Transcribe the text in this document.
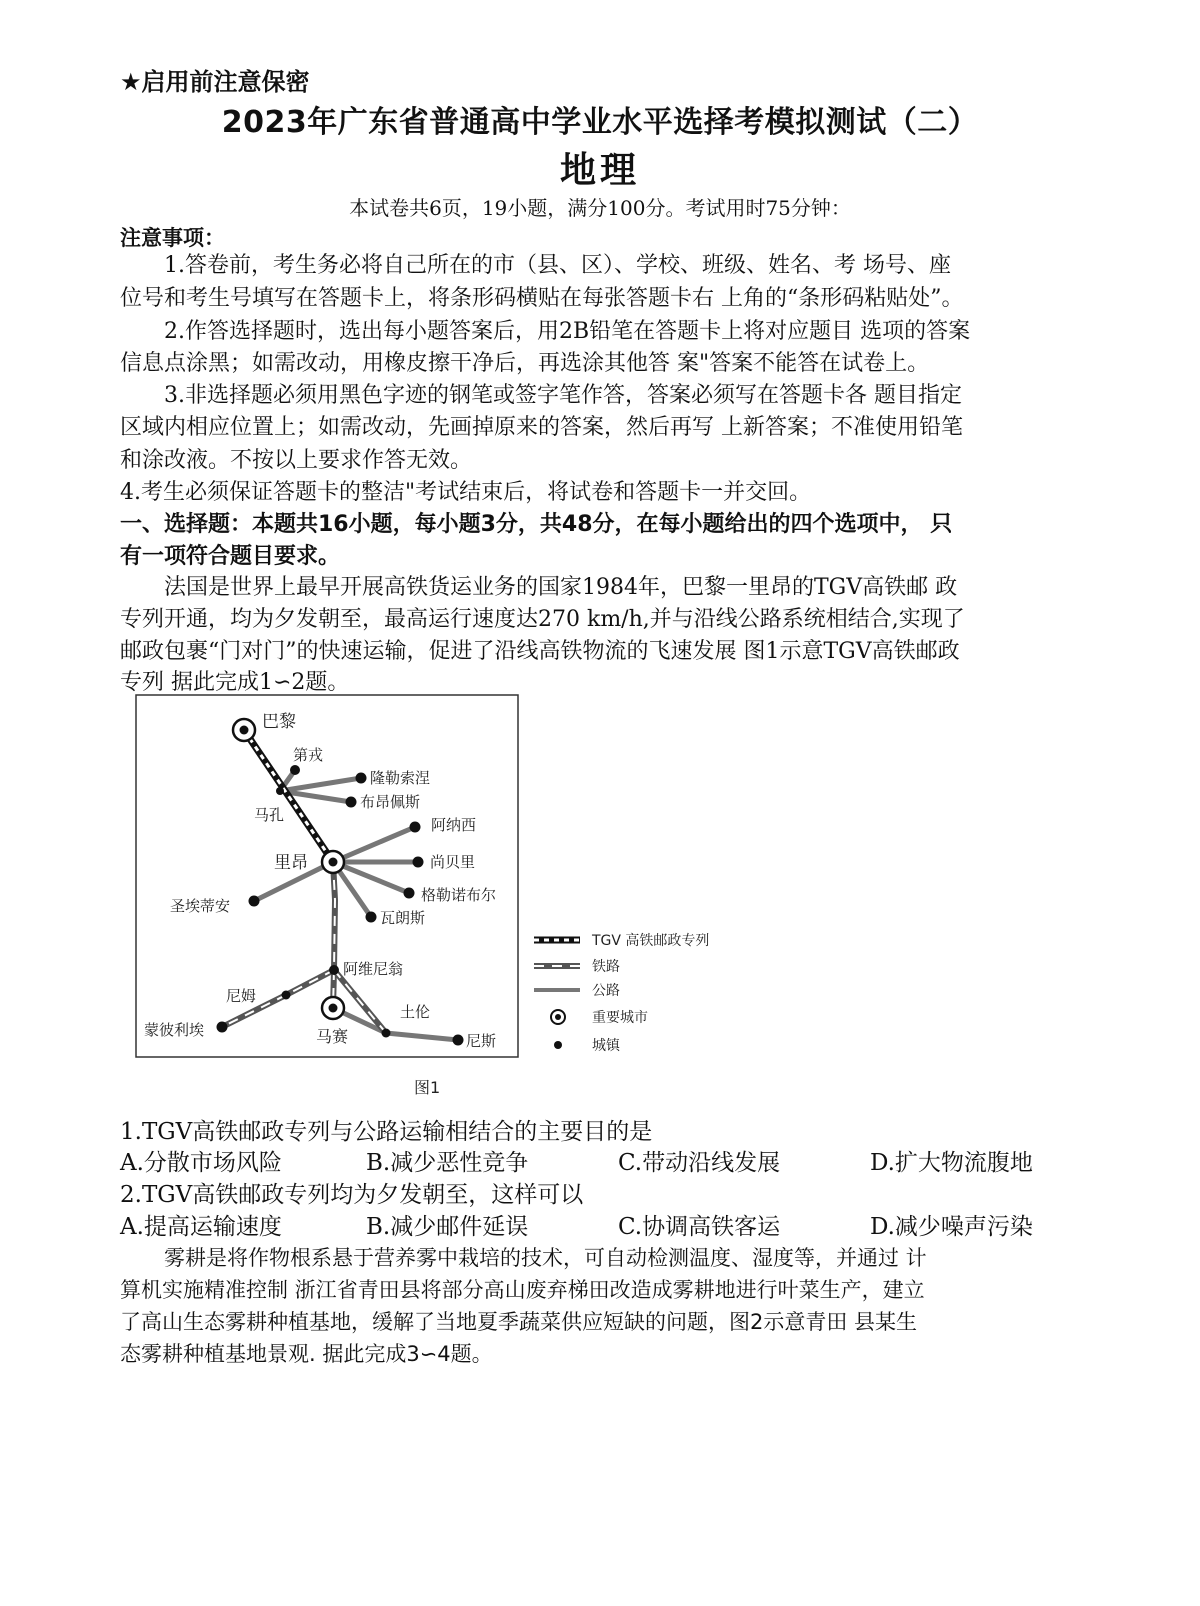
★启用前注意保密
2023年广东省普通高中学业水平选择考模拟测试（二）
地理
本试卷共6页，19小题，满分100分。考试用时75分钟：
注意事项：
1.答卷前，考生务必将自己所在的市（县、区）、学校、班级、姓名、考 场号、座
位号和考生号填写在答题卡上，将条形码横贴在每张答题卡右 上角的“条形码粘贴处”。
2.作答选择题时，选出每小题答案后，用2B铅笔在答题卡上将对应题目 选项的答案
信息点涂黑；如需改动，用橡皮擦干净后，再选涂其他答 案"答案不能答在试卷上。
3.非选择题必须用黑色字迹的钢笔或签字笔作答，答案必须写在答题卡各 题目指定
区域内相应位置上；如需改动，先画掉原来的答案，然后再写 上新答案；不准使用铅笔
和涂改液。不按以上要求作答无效。
4.考生必须保证答题卡的整洁"考试结束后，将试卷和答题卡一并交回。
一、选择题：本题共16小题，每小题3分，共48分，在每小题给出的四个选项中， 只
有一项符合题目要求。
法国是世界上最早开展高铁货运业务的国家1984年，巴黎一里昂的TGV高铁邮 政
专列开通，均为夕发朝至，最高运行速度达270 km/h,并与沿线公路系统相结合,实现了
邮政包裹“门对门”的快速运输，促进了沿线高铁物流的飞速发展 图1示意TGV高铁邮政
专列 据此完成1∽2题。
巴黎
第戎
隆勒索涅
布昂佩斯
马孔
阿纳西
里昂	尚贝里
格勒诺布尔
瓦朗斯
圣埃蒂安
阿维尼翁
尼姆
蒙彼利埃	马赛
土伦
尼斯
TGV 高铁邮政专列
铁路
公路
重要城市
城镇
图1
1.TGV高铁邮政专列与公路运输相结合的主要目的是
A.分散市场风险	B.减少恶性竞争	C.带动沿线发展	D.扩大物流腹地
2.TGV高铁邮政专列均为夕发朝至，这样可以
A.提高运输速度	B.减少邮件延误	C.协调高铁客运	D.减少噪声污染
雾耕是将作物根系悬于营养雾中栽培的技术，可自动检测温度、湿度等，并通过 计
算机实施精准控制 浙江省青田县将部分高山废弃梯田改造成雾耕地进行叶菜生产，建立
了高山生态雾耕种植基地，缓解了当地夏季蔬菜供应短缺的问题，图2示意青田 县某生
态雾耕种植基地景观. 据此完成3∽4题。
